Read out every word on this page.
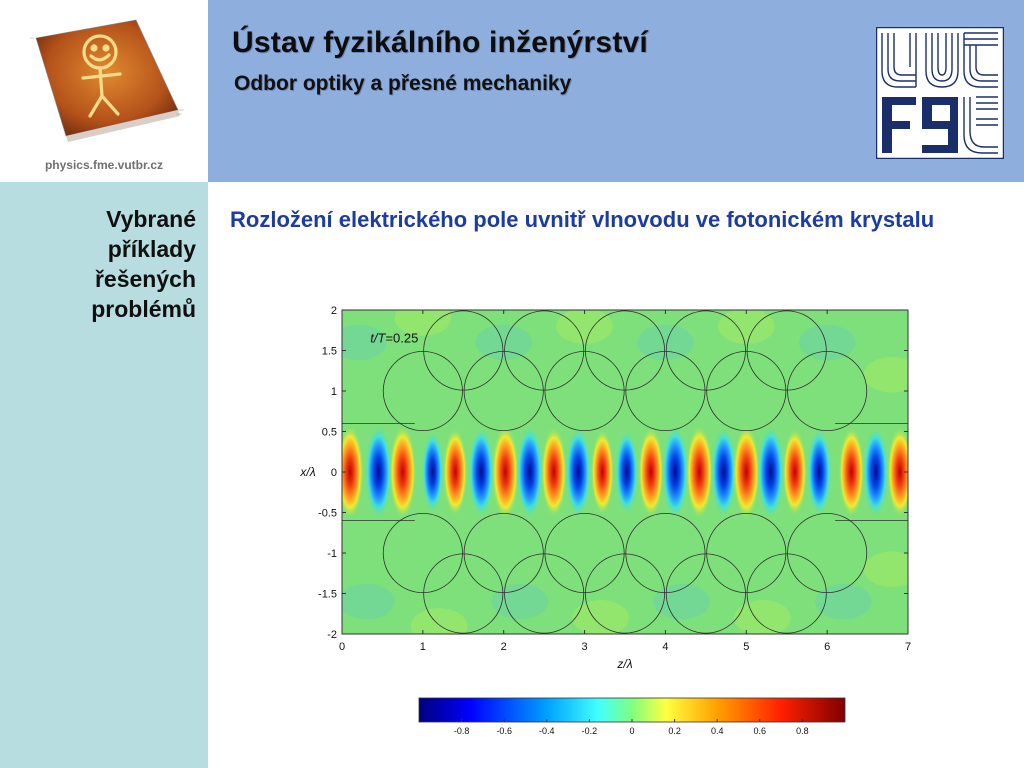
physics.fme.vutbr.cz
Ústav fyzikálního inženýrství
Odbor optiky a přesné mechaniky
Vybrané
příklady
řešených
problémů
Rozložení elektrického pole uvnitř vlnovodu ve fotonickém krystalu
2
1.5
1
0.5
0
-0.5
-1
-1.5
-2
0	1	2	3	4	5	6	7
z/λ
x/λ
t/T=0.25
-0.8	-0.6	-0.4	-0.2	0	0.2	0.4	0.6	0.8
